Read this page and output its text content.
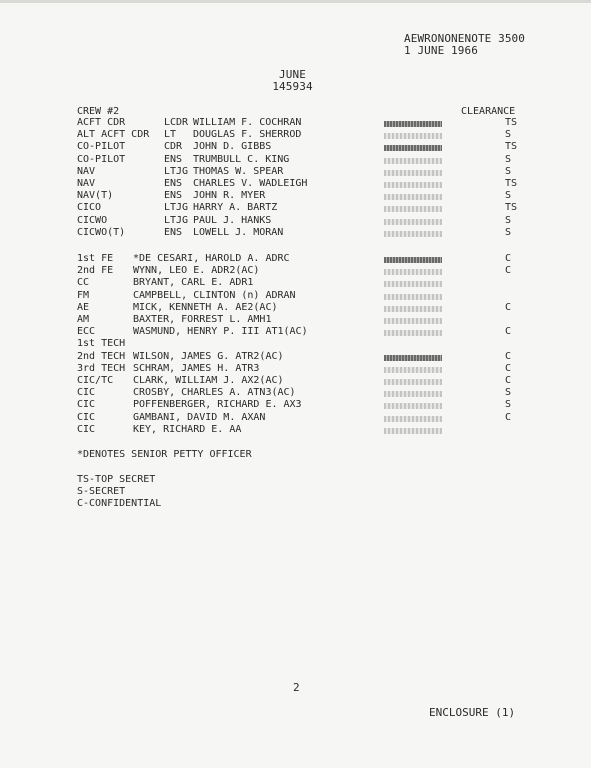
AEWRONONENOTE 3500
1 JUNE 1966
JUNE
145934
CREW #2	CLEARANCE
ACFT CDR	LCDR WILLIAM F. COCHRAN	TS
ALT ACFT CDR LT DOUGLAS F. SHERROD	S
CO-PILOT	CDR JOHN D. GIBBS	TS
CO-PILOT	ENS TRUMBULL C. KING	S
NAV	LTJG THOMAS W. SPEAR	S
NAV	ENS CHARLES V. WADLEIGH	TS
NAV(T)	ENS JOHN R. MYER	S
CICO	LTJG HARRY A. BARTZ	TS
CICWO	LTJG PAUL J. HANKS	S
CICWO(T)	ENS LOWELL J. MORAN	S
1st FE *DE CESARI, HAROLD A. ADRC	C
2nd FE WYNN, LEO E. ADR2(AC)	C
CC	BRYANT, CARL E. ADR1
FM	CAMPBELL, CLINTON (n) ADRAN
AE	MICK, KENNETH A. AE2(AC)	C
AM	BAXTER, FORREST L. AMH1
ECC	WASMUND, HENRY P. III AT1(AC)	C
1st TECH
2nd TECH WILSON, JAMES G. ATR2(AC)	C
3rd TECH SCHRAM, JAMES H. ATR3	C
CIC/TC CLARK, WILLIAM J. AX2(AC)	C
CIC	CROSBY, CHARLES A. ATN3(AC)	S
CIC	POFFENBERGER, RICHARD E. AX3	S
CIC	GAMBANI, DAVID M. AXAN	C
CIC	KEY, RICHARD E. AA
*DENOTES SENIOR PETTY OFFICER
TS-TOP SECRET
S-SECRET
C-CONFIDENTIAL
2
ENCLOSURE (1)
